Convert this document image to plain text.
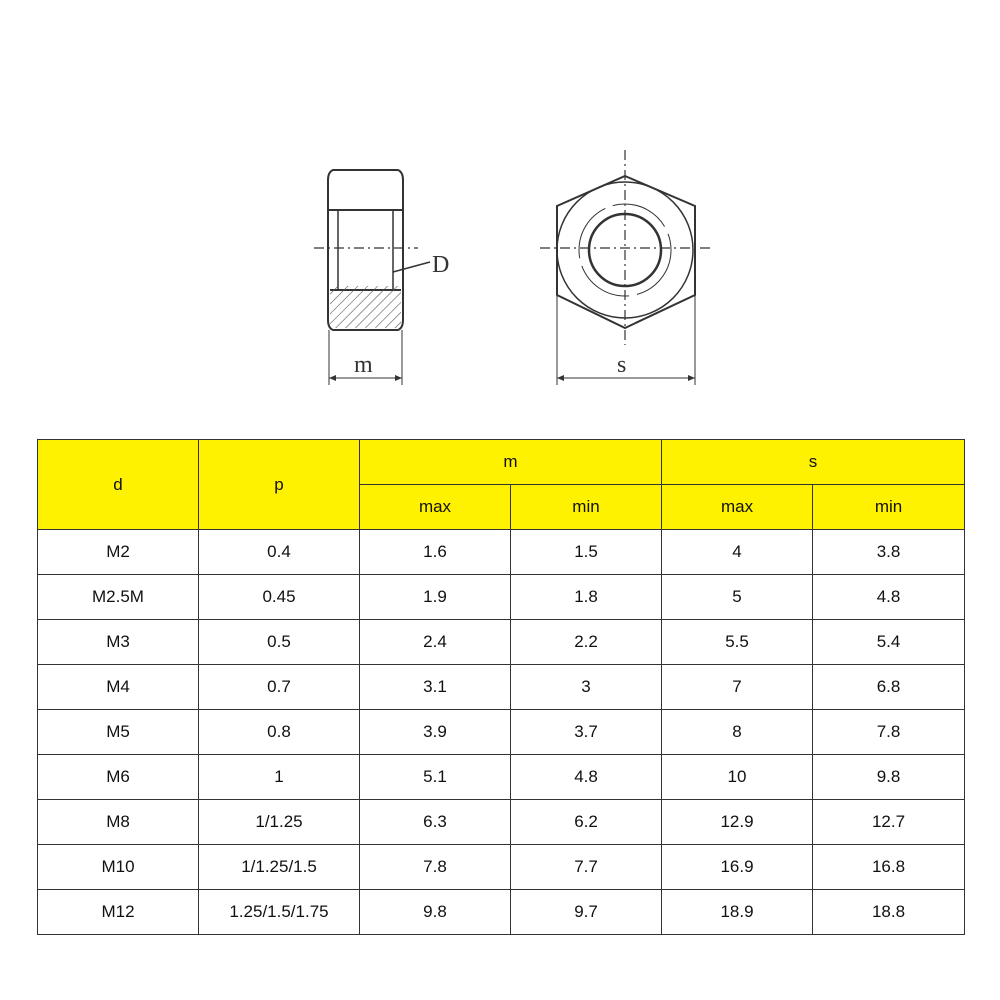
D
m	s
d	p	m		s	
		max	min	max	min
M2	0.4	1.6	1.5	4	3.8
M2.5M	0.45	1.9	1.8	5	4.8
M3	0.5	2.4	2.2	5.5	5.4
M4	0.7	3.1	3	7	6.8
M5	0.8	3.9	3.7	8	7.8
M6	1	5.1	4.8	10	9.8
M8	1/1.25	6.3	6.2	12.9	12.7
M10	1/1.25/1.5	7.8	7.7	16.9	16.8
M12	1.25/1.5/1.75	9.8	9.7	18.9	18.8
